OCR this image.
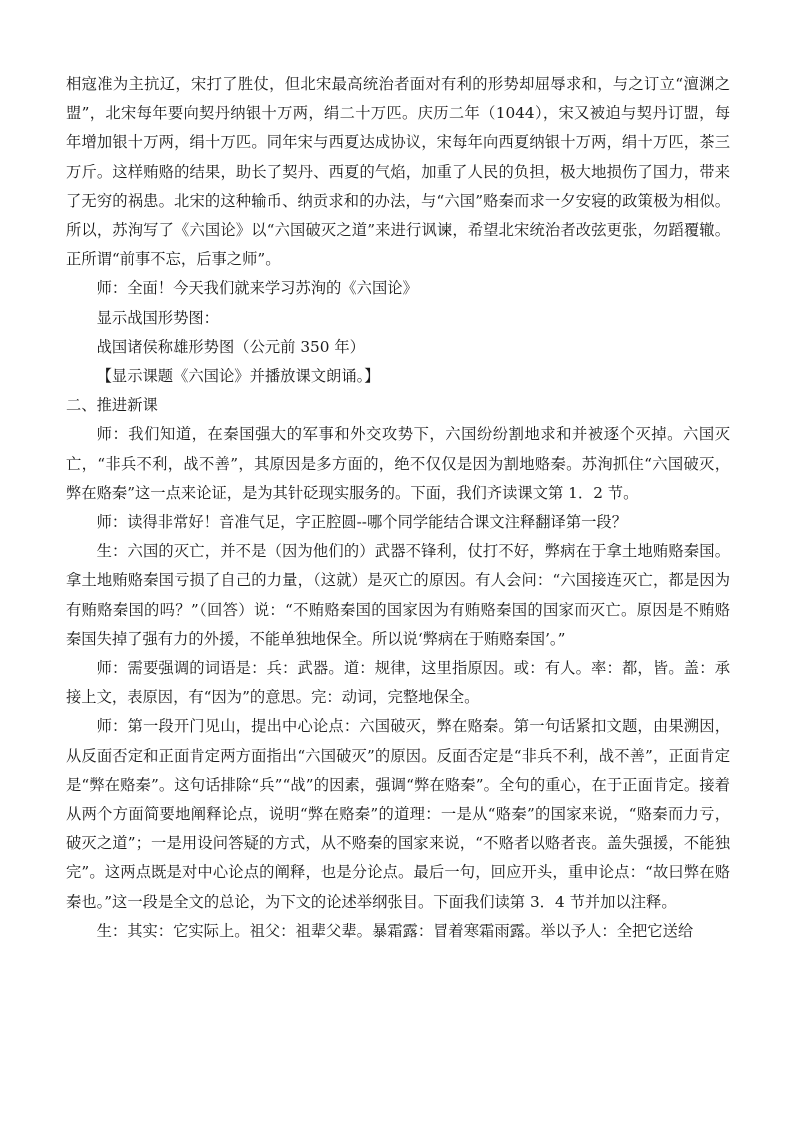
相寇准为主抗辽，宋打了胜仗，但北宋最高统治者面对有利的形势却屈辱求和，与之订立“澶渊之盟”，北宋每年要向契丹纳银十万两，绢二十万匹。庆历二年（1044），宋又被迫与契丹订盟，每年增加银十万两，绢十万匹。同年宋与西夏达成协议，宋每年向西夏纳银十万两，绢十万匹，茶三万斤。这样贿赂的结果，助长了契丹、西夏的气焰，加重了人民的负担，极大地损伤了国力，带来了无穷的祸患。北宋的这种输币、纳贡求和的办法，与“六国”赂秦而求一夕安寝的政策极为相似。所以，苏洵写了《六国论》以“六国破灭之道”来进行讽谏，希望北宋统治者改弦更张，勿蹈覆辙。正所谓“前事不忘，后事之师”。

师：全面！今天我们就来学习苏洵的《六国论》

显示战国形势图：

战国诸侯称雄形势图（公元前 350 年）

【显示课题《六国论》并播放课文朗诵。】

二、推进新课

师：我们知道，在秦国强大的军事和外交攻势下，六国纷纷割地求和并被逐个灭掉。六国灭亡，“非兵不利，战不善”，其原因是多方面的，绝不仅仅是因为割地赂秦。苏洵抓住“六国破灭，弊在赂秦”这一点来论证，是为其针砭现实服务的。下面，我们齐读课文第 1．2 节。

师：读得非常好！音准气足，字正腔圆--哪个同学能结合课文注释翻译第一段？

生：六国的灭亡，并不是（因为他们的）武器不锋利，仗打不好，弊病在于拿土地贿赂秦国。拿土地贿赂秦国亏损了自己的力量，（这就）是灭亡的原因。有人会问：“六国接连灭亡，都是因为有贿赂秦国的吗？”（回答）说：“不贿赂秦国的国家因为有贿赂秦国的国家而灭亡。原因是不贿赂秦国失掉了强有力的外援，不能单独地保全。所以说‘弊病在于贿赂秦国’。”

师：需要强调的词语是：兵：武器。道：规律，这里指原因。或：有人。率：都，皆。盖：承接上文，表原因，有“因为”的意思。完：动词，完整地保全。

师：第一段开门见山，提出中心论点：六国破灭，弊在赂秦。第一句话紧扣文题，由果溯因，从反面否定和正面肯定两方面指出“六国破灭”的原因。反面否定是“非兵不利，战不善”，正面肯定是“弊在赂秦”。这句话排除“兵”“战”的因素，强调“弊在赂秦”。全句的重心，在于正面肯定。接着从两个方面简要地阐释论点，说明“弊在赂秦”的道理：一是从“赂秦”的国家来说，“赂秦而力亏，破灭之道”；一是用设问答疑的方式，从不赂秦的国家来说，“不赂者以赂者丧。盖失强援，不能独完”。这两点既是对中心论点的阐释，也是分论点。最后一句，回应开头，重申论点：“故曰弊在赂秦也。”这一段是全文的总论，为下文的论述举纲张目。下面我们读第 3．4 节并加以注释。

生：其实：它实际上。祖父：祖辈父辈。暴霜露：冒着寒霜雨露。举以予人：全把它送给
